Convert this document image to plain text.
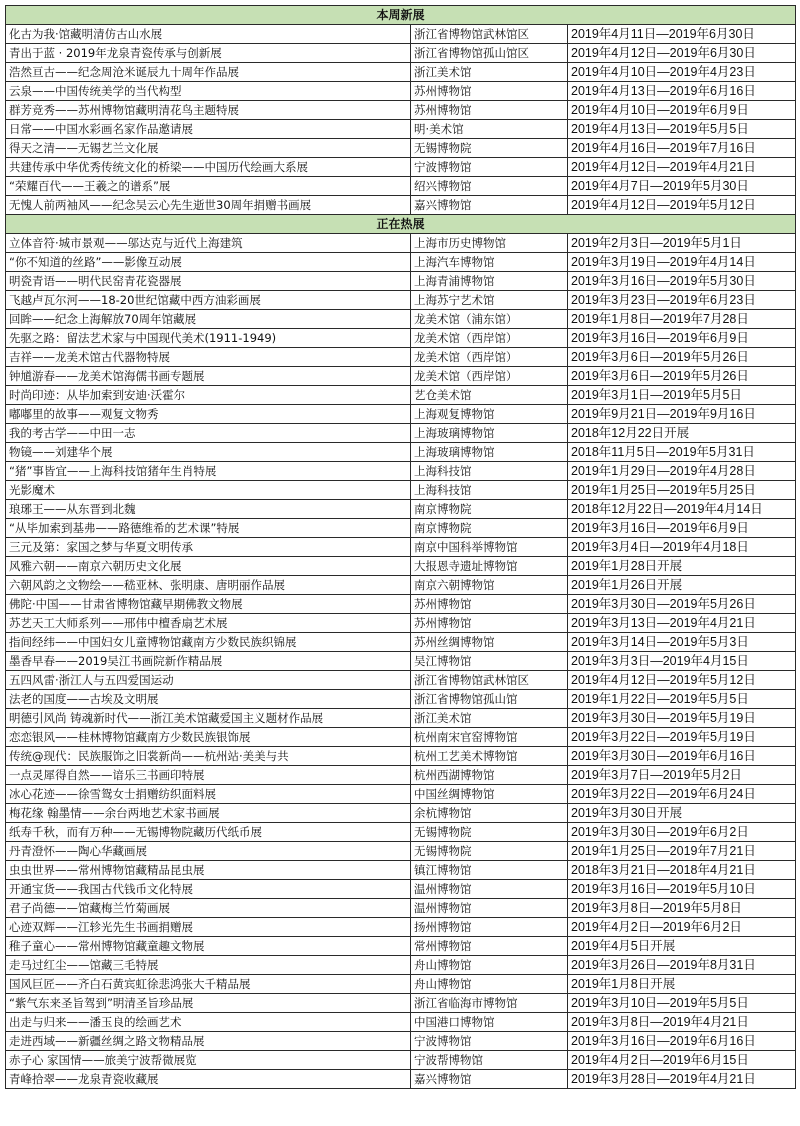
本周新展		
化古为我·馆藏明清仿古山水展	浙江省博物馆武林馆区	2019年4月11日—2019年6月30日
青出于蓝 · 2019年龙泉青瓷传承与创新展	浙江省博物馆孤山馆区	2019年4月12日—2019年6月30日
浩然亘古——纪念周沧米诞辰九十周年作品展	浙江美术馆	2019年4月10日—2019年4月23日
云泉——中国传统美学的当代构型	苏州博物馆	2019年4月13日—2019年6月16日
群芳竞秀——苏州博物馆藏明清花鸟主题特展	苏州博物馆	2019年4月10日—2019年6月9日
日常——中国水彩画名家作品邀请展	明·美术馆	2019年4月13日—2019年5月5日
得天之清——无锡艺兰文化展	无锡博物院	2019年4月16日—2019年7月16日
共建传承中华优秀传统文化的桥梁——中国历代绘画大系展	宁波博物馆	2019年4月12日—2019年4月21日
“荣耀百代——王羲之的谱系”展	绍兴博物馆	2019年4月7日—2019年5月30日
无愧人前两袖风——纪念吴云心先生逝世30周年捐赠书画展	嘉兴博物馆	2019年4月12日—2019年5月12日
正在热展		
立体音符·城市景观——邬达克与近代上海建筑	上海市历史博物馆	2019年2月3日—2019年5月1日
“你不知道的丝路”——影像互动展	上海汽车博物馆	2019年3月19日—2019年4月14日
明瓷青语——明代民窑青花瓷器展	上海青浦博物馆	2019年3月16日—2019年5月30日
飞越卢瓦尔河——18-20世纪馆藏中西方油彩画展	上海苏宁艺术馆	2019年3月23日—2019年6月23日
回眸——纪念上海解放70周年馆藏展	龙美术馆（浦东馆）	2019年1月8日—2019年7月28日
先驱之路：留法艺术家与中国现代美术(1911-1949)	龙美术馆（西岸馆）	2019年3月16日—2019年6月9日
吉祥——龙美术馆古代器物特展	龙美术馆（西岸馆）	2019年3月6日—2019年5月26日
钟馗游春——龙美术馆海儒书画专题展	龙美术馆（西岸馆）	2019年3月6日—2019年5月26日
时尚印迹：从毕加索到安迪·沃霍尔	艺仓美术馆	2019年3月1日—2019年5月5日
嘟嘟里的故事——观复文物秀	上海观复博物馆	2019年9月21日—2019年9月16日
我的考古学——中田一志	上海玻璃博物馆	2018年12月22日开展
物镜——刘建华个展	上海玻璃博物馆	2018年11月5日—2019年5月31日
“猪”事皆宜——上海科技馆猪年生肖特展	上海科技馆	2019年1月29日—2019年4月28日
光影魔术	上海科技馆	2019年1月25日—2019年5月25日
琅琊王——从东晋到北魏	南京博物院	2018年12月22日—2019年4月14日
“从毕加索到基弗——路德维希的艺术课”特展	南京博物院	2019年3月16日—2019年6月9日
三元及第：家国之梦与华夏文明传承	南京中国科举博物馆	2019年3月4日—2019年4月18日
风雅六朝——南京六朝历史文化展	大报恩寺遗址博物馆	2019年1月28日开展
六朝风韵之文物绘——嵇亚林、张明康、唐明丽作品展	南京六朝博物馆	2019年1月26日开展
佛陀·中国——甘肃省博物馆藏早期佛教文物展	苏州博物馆	2019年3月30日—2019年5月26日
苏艺天工大师系列——邢伟中檀香扇艺术展	苏州博物馆	2019年3月13日—2019年4月21日
指间经纬——中国妇女儿童博物馆藏南方少数民族织锦展	苏州丝绸博物馆	2019年3月14日—2019年5月3日
墨香早春——2019吴江书画院新作精品展	吴江博物馆	2019年3月3日—2019年4月15日
五四风雷·浙江人与五四爱国运动	浙江省博物馆武林馆区	2019年4月12日—2019年5月12日
法老的国度——古埃及文明展	浙江省博物馆孤山馆	2019年1月22日—2019年5月5日
明德引风尚 铸魂新时代——浙江美术馆藏爱国主义题材作品展	浙江美术馆	2019年3月30日—2019年5月19日
恋恋银风——桂林博物馆藏南方少数民族银饰展	杭州南宋官窑博物馆	2019年3月22日—2019年5月19日
传统@现代：民族服饰之旧裳新尚——杭州站·美美与共	杭州工艺美术博物馆	2019年3月30日—2019年6月16日
一点灵犀得自然——谙乐三书画印特展	杭州西湖博物馆	2019年3月7日—2019年5月2日
冰心花迹——徐雪鸳女士捐赠纺织面料展	中国丝绸博物馆	2019年3月22日—2019年6月24日
梅花缘 翰墨情——余台两地艺术家书画展	余杭博物馆	2019年3月30日开展
纸寿千秋，而有万种——无锡博物院藏历代纸币展	无锡博物院	2019年3月30日—2019年6月2日
丹青澄怀——陶心华藏画展	无锡博物院	2019年1月25日—2019年7月21日
虫虫世界——常州博物馆藏精品昆虫展	镇江博物馆	2018年3月21日—2018年4月21日
开通宝货——我国古代钱币文化特展	温州博物馆	2019年3月16日—2019年5月10日
君子尚德——馆藏梅兰竹菊画展	温州博物馆	2019年3月8日—2019年5月8日
心迹双辉——江轸光先生书画捐赠展	扬州博物馆	2019年4月2日—2019年6月2日
稚子童心——常州博物馆藏童趣文物展	常州博物馆	2019年4月5日开展
走马过红尘——馆藏三毛特展	舟山博物馆	2019年3月26日—2019年8月31日
国风巨匠——齐白石黄宾虹徐悲鸿张大千精品展	舟山博物馆	2019年1月8日开展
“紫气东来圣旨驾到”明清圣旨珍品展	浙江省临海市博物馆	2019年3月10日—2019年5月5日
出走与归来——潘玉良的绘画艺术	中国港口博物馆	2019年3月8日—2019年4月21日
走进西域——新疆丝绸之路文物精品展	宁波博物馆	2019年3月16日—2019年6月16日
赤子心 家国情——旅美宁波帮微展览	宁波帮博物馆	2019年4月2日—2019年6月15日
青峰拾翠——龙泉青瓷收藏展	嘉兴博物馆	2019年3月28日—2019年4月21日
